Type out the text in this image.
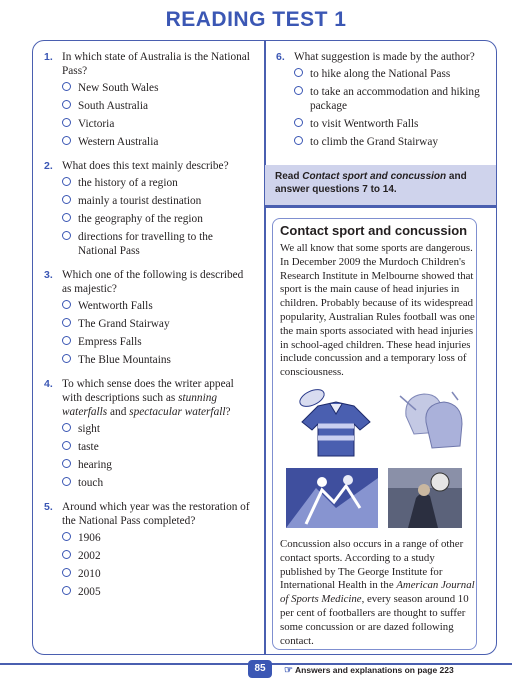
READING TEST 1
1. In which state of Australia is the National Pass?
New South Wales
South Australia
Victoria
Western Australia
2. What does this text mainly describe?
the history of a region
mainly a tourist destination
the geography of the region
directions for travelling to the National Pass
3. Which one of the following is described as majestic?
Wentworth Falls
The Grand Stairway
Empress Falls
The Blue Mountains
4. To which sense does the writer appeal with descriptions such as stunning waterfalls and spectacular waterfall?
sight
taste
hearing
touch
5. Around which year was the restoration of the National Pass completed?
1906
2002
2010
2005
6. What suggestion is made by the author?
to hike along the National Pass
to take an accommodation and hiking package
to visit Wentworth Falls
to climb the Grand Stairway
Read Contact sport and concussion and answer questions 7 to 14.
Contact sport and concussion
We all know that some sports are dangerous. In December 2009 the Murdoch Children's Research Institute in Melbourne showed that sport is the main cause of head injuries in children. Probably because of its widespread popularity, Australian Rules football was one the main sports associated with head injuries in school-aged children. These head injuries include concussion and a temporary loss of consciousness.
Concussion also occurs in a range of other contact sports. According to a study published by The George Institute for International Health in the American Journal of Sports Medicine, every season around 10 per cent of footballers are thought to suffer some concussion or are dazed following contact.
85	☞ Answers and explanations on page 223
